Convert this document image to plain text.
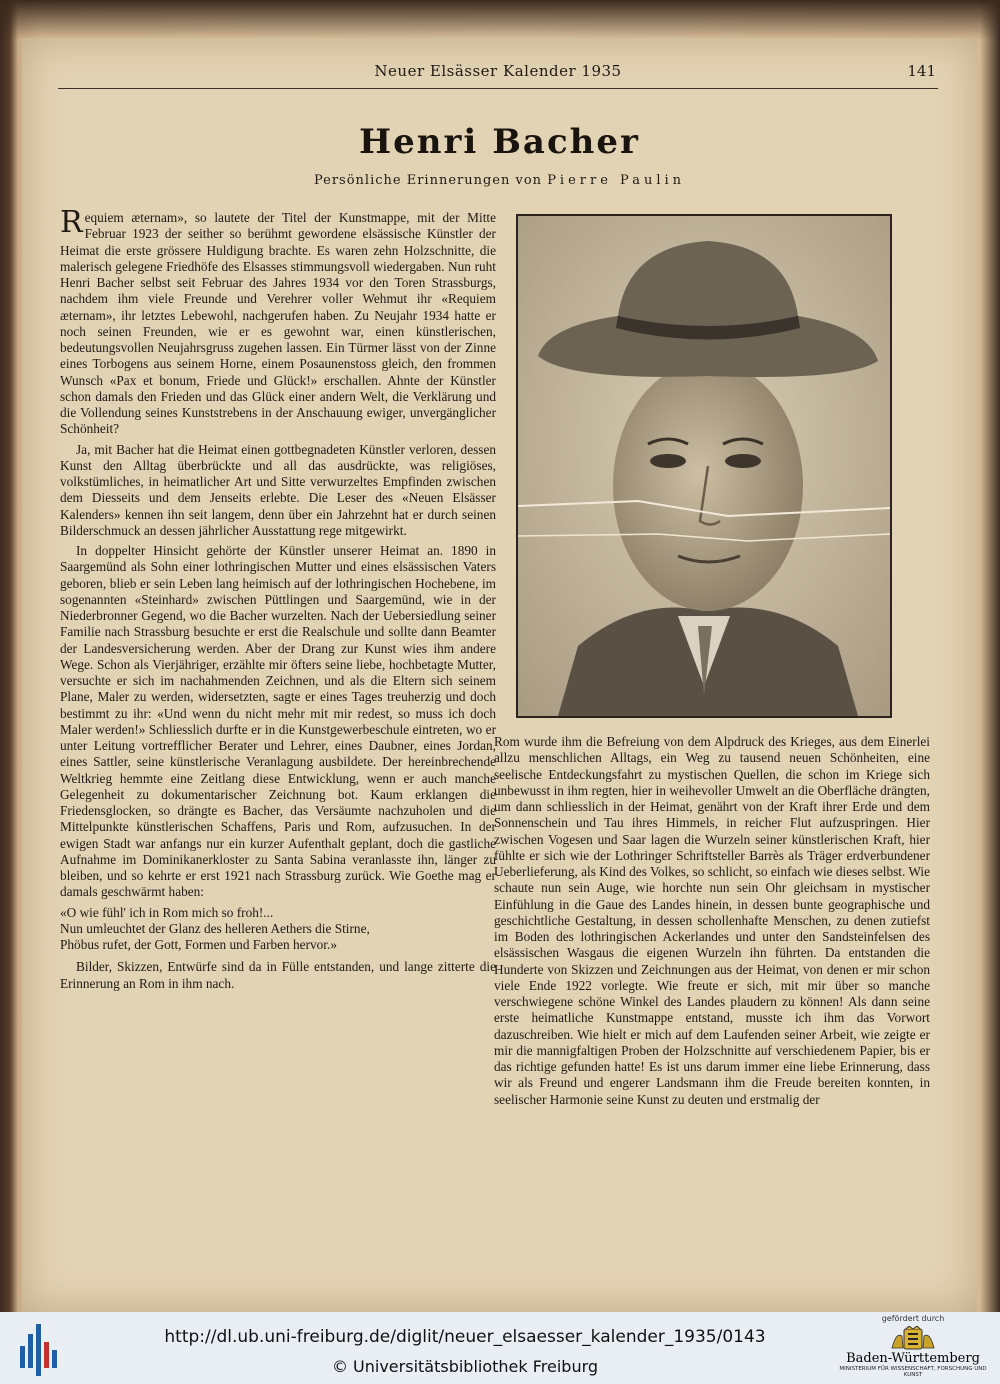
Neuer Elsässer Kalender 1935	141
Henri Bacher
Persönliche Erinnerungen von Pierre Paulin

Requiem æternam», so lautete der Titel der Kunstmappe, mit der Mitte Februar 1923 der seither so berühmt gewordene elsässische Künstler der Heimat die erste grössere Huldigung brachte. Es waren zehn Holzschnitte, die malerisch gelegene Friedhöfe des Elsasses stimmungsvoll wiedergaben. Nun ruht Henri Bacher selbst seit Februar des Jahres 1934 vor den Toren Strassburgs, nachdem ihm viele Freunde und Verehrer voller Wehmut ihr «Requiem æternam», ihr letztes Lebewohl, nachgerufen haben. Zu Neujahr 1934 hatte er noch seinen Freunden, wie er es gewohnt war, einen künstlerischen, bedeutungsvollen Neujahrsgruss zugehen lassen. Ein Türmer lässt von der Zinne eines Torbogens aus seinem Horne, einem Posaunenstoss gleich, den frommen Wunsch «Pax et bonum, Friede und Glück!» erschallen. Ahnte der Künstler schon damals den Frieden und das Glück einer andern Welt, die Verklärung und die Vollendung seines Kunststrebens in der Anschauung ewiger, unvergänglicher Schönheit?

Ja, mit Bacher hat die Heimat einen gottbegnadeten Künstler verloren, dessen Kunst den Alltag überbrückte und all das ausdrückte, was religiöses, volkstümliches, in heimatlicher Art und Sitte verwurzeltes Empfinden zwischen dem Diesseits und dem Jenseits erlebte. Die Leser des «Neuen Elsässer Kalenders» kennen ihn seit langem, denn über ein Jahrzehnt hat er durch seinen Bilderschmuck an dessen jährlicher Ausstattung rege mitgewirkt.

In doppelter Hinsicht gehörte der Künstler unserer Heimat an. 1890 in Saargemünd als Sohn einer lothringischen Mutter und eines elsässischen Vaters geboren, blieb er sein Leben lang heimisch auf der lothringischen Hochebene, im sogenannten «Steinhard» zwischen Püttlingen und Saargemünd, wie in der Niederbronner Gegend, wo die Bacher wurzelten. Nach der Uebersiedlung seiner Familie nach Strassburg besuchte er erst die Realschule und sollte dann Beamter der Landesversicherung werden. Aber der Drang zur Kunst wies ihm andere Wege. Schon als Vierjähriger, erzählte mir öfters seine liebe, hochbetagte Mutter, versuchte er sich im nachahmenden Zeichnen, und als die Eltern sich seinem Plane, Maler zu werden, widersetzten, sagte er eines Tages treuherzig und doch bestimmt zu ihr: «Und wenn du nicht mehr mit mir redest, so muss ich doch Maler werden!» Schliesslich durfte er in die Kunstgewerbeschule eintreten, wo er unter Leitung vortrefflicher Berater und Lehrer, eines Daubner, eines Jordan, eines Sattler, seine künstlerische Veranlagung ausbildete. Der hereinbrechende Weltkrieg hemmte eine Zeitlang diese Entwicklung, wenn er auch manche Gelegenheit zu dokumentarischer Zeichnung bot. Kaum erklangen die Friedensglocken, so drängte es Bacher, das Versäumte nachzuholen und die Mittelpunkte künstlerischen Schaffens, Paris und Rom, aufzusuchen. In der ewigen Stadt war anfangs nur ein kurzer Aufenthalt geplant, doch die gastliche Aufnahme im Dominikanerkloster zu Santa Sabina veranlasste ihn, länger zu bleiben, und so kehrte er erst 1921 nach Strassburg zurück. Wie Goethe mag er damals geschwärmt haben:

«O wie fühl' ich in Rom mich so froh!...
Nun umleuchtet der Glanz des helleren Aethers die Stirne,
Phöbus rufet, der Gott, Formen und Farben hervor.»

Bilder, Skizzen, Entwürfe sind da in Fülle entstanden, und lange zitterte die Erinnerung an Rom in ihm nach.

Rom wurde ihm die Befreiung von dem Alpdruck des Krieges, aus dem Einerlei allzu menschlichen Alltags, ein Weg zu tausend neuen Schönheiten, eine seelische Entdeckungsfahrt zu mystischen Quellen, die schon im Kriege sich unbewusst in ihm regten, hier in weihevoller Umwelt an die Oberfläche drängten, um dann schliesslich in der Heimat, genährt von der Kraft ihrer Erde und dem Sonnenschein und Tau ihres Himmels, in reicher Flut aufzuspringen. Hier zwischen Vogesen und Saar lagen die Wurzeln seiner künstlerischen Kraft, hier fühlte er sich wie der Lothringer Schriftsteller Barrès als Träger erdverbundener Ueberlieferung, als Kind des Volkes, so schlicht, so einfach wie dieses selbst. Wie schaute nun sein Auge, wie horchte nun sein Ohr gleichsam in mystischer Einfühlung in die Gaue des Landes hinein, in dessen bunte geographische und geschichtliche Gestaltung, in dessen schollenhafte Menschen, zu denen zutiefst im Boden des lothringischen Ackerlandes und unter den Sandsteinfelsen des elsässischen Wasgaus die eigenen Wurzeln ihn führten. Da entstanden die Hunderte von Skizzen und Zeichnungen aus der Heimat, von denen er mir schon viele Ende 1922 vorlegte. Wie freute er sich, mit mir über so manche verschwiegene schöne Winkel des Landes plaudern zu können! Als dann seine erste heimatliche Kunstmappe entstand, musste ich ihm das Vorwort dazuschreiben. Wie hielt er mich auf dem Laufenden seiner Arbeit, wie zeigte er mir die mannigfaltigen Proben der Holzschnitte auf verschiedenem Papier, bis er das richtige gefunden hatte! Es ist uns darum immer eine liebe Erinnerung, dass wir als Freund und engerer Landsmann ihm die Freude bereiten konnten, in seelischer Harmonie seine Kunst zu deuten und erstmalig der

http://dl.ub.uni-freiburg.de/diglit/neuer_elsaesser_kalender_1935/0143
© Universitätsbibliothek Freiburg
gefördert durch
Baden-Württemberg
MINISTERIUM FÜR WISSENSCHAFT, FORSCHUNG UND KUNST
